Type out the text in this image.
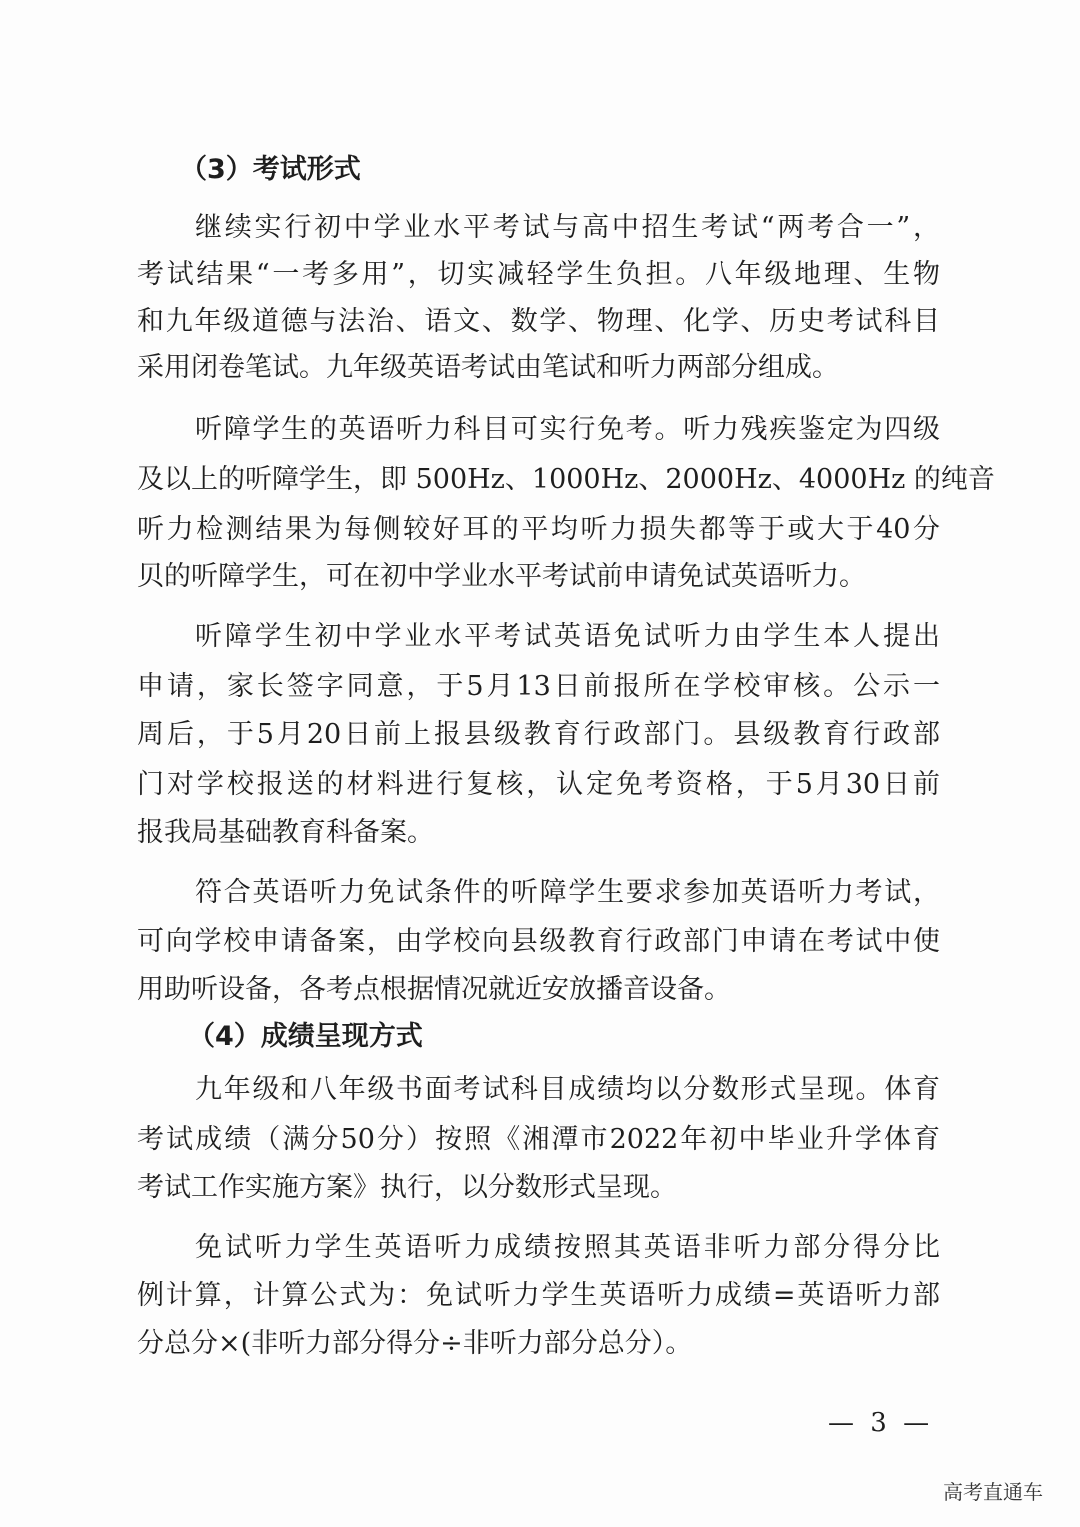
（3）考试形式
继续实行初中学业水平考试与高中招生考试“两考合一”，
考试结果“一考多用”，切实减轻学生负担。八年级地理、生物
和九年级道德与法治、语文、数学、物理、化学、历史考试科目
采用闭卷笔试。九年级英语考试由笔试和听力两部分组成。
听障学生的英语听力科目可实行免考。听力残疾鉴定为四级
及以上的听障学生，即 500Hz、1000Hz、2000Hz、4000Hz 的纯音
听力检测结果为每侧较好耳的平均听力损失都等于或大于40分
贝的听障学生，可在初中学业水平考试前申请免试英语听力。
听障学生初中学业水平考试英语免试听力由学生本人提出
申请，家长签字同意，于5月13日前报所在学校审核。公示一
周后，于5月20日前上报县级教育行政部门。县级教育行政部
门对学校报送的材料进行复核，认定免考资格，于5月30日前
报我局基础教育科备案。
符合英语听力免试条件的听障学生要求参加英语听力考试，
可向学校申请备案，由学校向县级教育行政部门申请在考试中使
用助听设备，各考点根据情况就近安放播音设备。
（4）成绩呈现方式
九年级和八年级书面考试科目成绩均以分数形式呈现。体育
考试成绩（满分50分）按照《湘潭市2022年初中毕业升学体育
考试工作实施方案》执行，以分数形式呈现。
免试听力学生英语听力成绩按照其英语非听力部分得分比
例计算，计算公式为：免试听力学生英语听力成绩=英语听力部
分总分×(非听力部分得分÷非听力部分总分）。
— 3 —
高考直通车
